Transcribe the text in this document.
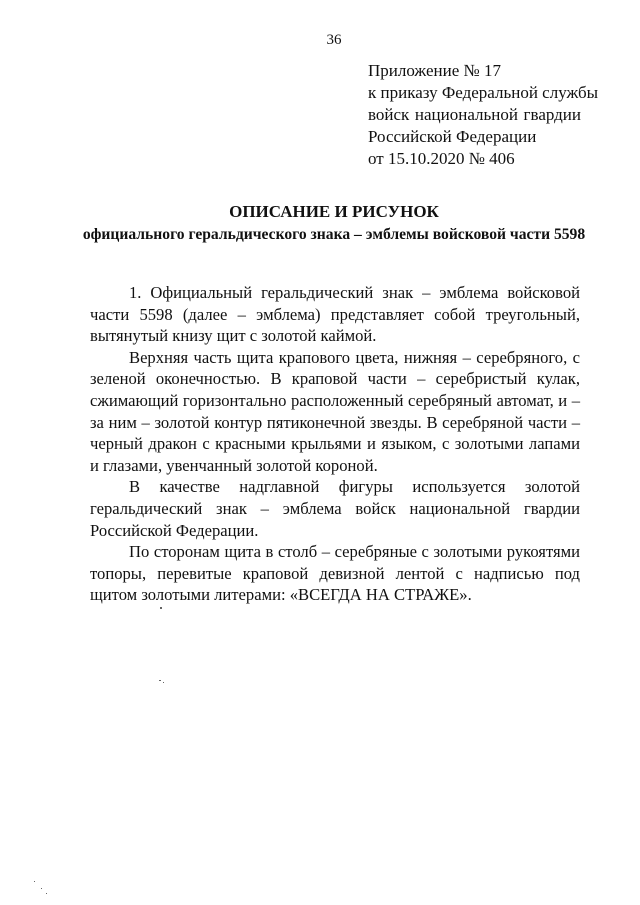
36
Приложение № 17
к приказу Федеральной службы
войск национальной гвардии
Российской Федерации
от 15.10.2020 № 406
ОПИСАНИЕ И РИСУНОК
официального геральдического знака – эмблемы войсковой части 5598

1. Официальный геральдический знак – эмблема войсковой части 5598 (далее – эмблема) представляет собой треугольный, вытянутый книзу щит с золотой каймой.

Верхняя часть щита крапового цвета, нижняя – серебряного, с зеленой оконечностью. В краповой части – серебристый кулак, сжимающий горизонтально расположенный серебряный автомат, и – за ним – золотой контур пятиконечной звезды. В серебряной части – черный дракон с красными крыльями и языком, с золотыми лапами и глазами, увенчанный золотой короной.

В качестве надглавной фигуры используется золотой геральдический знак – эмблема войск национальной гвардии Российской Федерации.

По сторонам щита в столб – серебряные с золотыми рукоятями топоры, перевитые краповой девизной лентой с надписью под щитом золотыми литерами: «ВСЕГДА НА СТРАЖЕ».
